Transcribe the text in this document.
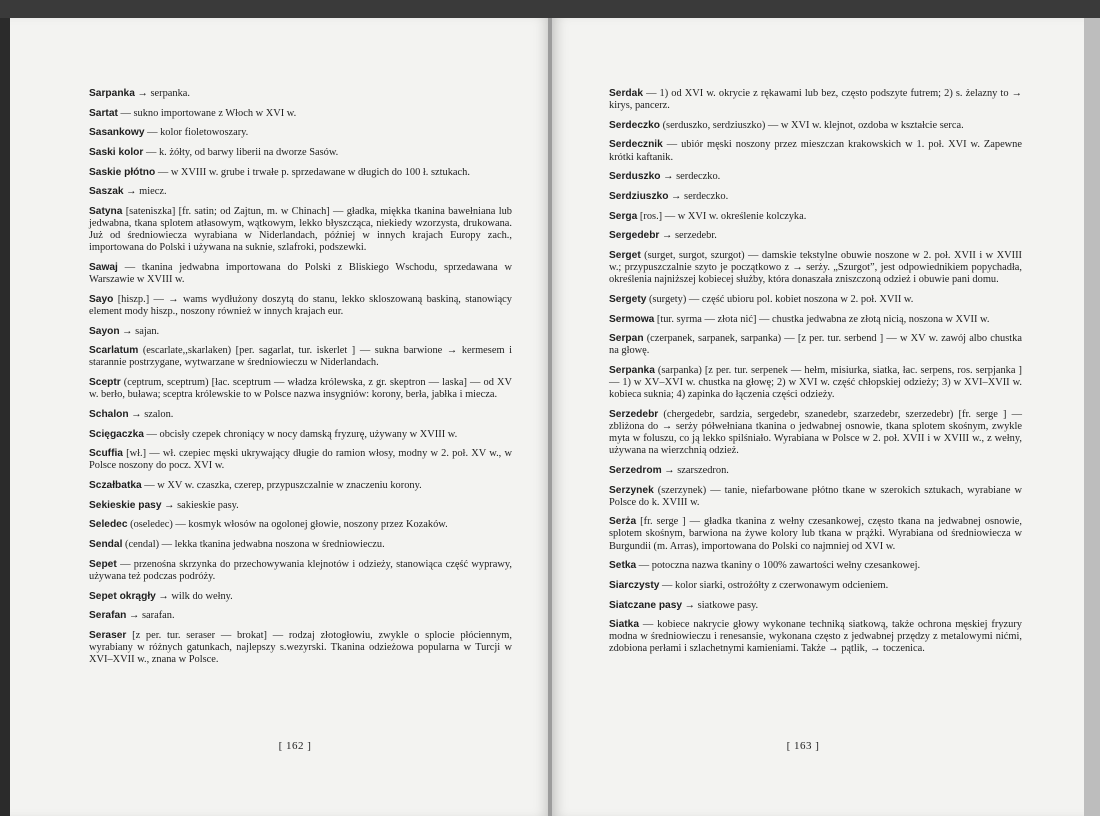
Sarpanka → serpanka.

Sartat — sukno importowane z Włoch w XVI w.

Sasankowy — kolor fioletowoszary.

Saski kolor — k. żółty, od barwy liberii na dworze Sasów.

Saskie płótno — w XVIII w. grube i trwałe p. sprzedawane w długich do 100 ł. sztukach.

Saszak → miecz.

Satyna [sateniszka] [fr. satin; od Zajtun, m. w Chinach] — gładka, miękka tkanina bawełniana lub jedwabna, tkana splotem atłasowym, wątkowym, lekko błyszcząca, niekiedy wzorzysta, drukowana. Już od średniowiecza wyrabiana w Niderlandach, później w innych krajach Europy zach., importowana do Polski i używana na suknie, szlafroki, podszewki.

Sawaj — tkanina jedwabna importowana do Polski z Bliskiego Wschodu, sprzedawana w Warszawie w XVIII w.

Sayo [hiszp.] — → wams wydłużony doszytą do stanu, lekko skloszowaną baskiną, stanowiący element mody hiszp., noszony również w innych krajach eur.

Sayon → sajan.

Scarlatum (escarlate,,skarlaken) [per. sagarlat, tur. iskerlet ] — sukna barwione → kermesem i starannie postrzygane, wytwarzane w średniowieczu w Niderlandach.

Sceptr (ceptrum, sceptrum) [łac. sceptrum — władza królewska, z gr. skeptron — laska] — od XV w. berło, buława; sceptra królewskie to w Polsce nazwa insygniów: korony, berła, jabłka i miecza.

Schalon → szalon.

Scięgaczka — obcisły czepek chroniący w nocy damską fryzurę, używany w XVIII w.

Scuffia [wł.] — wł. czepiec męski ukrywający długie do ramion włosy, modny w 2. poł. XV w., w Polsce noszony do pocz. XVI w.

Sczałbatka — w XV w. czaszka, czerep, przypuszczalnie w znaczeniu korony.

Sekieskie pasy → sakieskie pasy.

Seledec (oseledec) — kosmyk włosów na ogolonej głowie, noszony przez Kozaków.

Sendal (cendal) — lekka tkanina jedwabna noszona w średniowieczu.

Sepet — przenośna skrzynka do przechowywania klejnotów i odzieży, stanowiąca część wyprawy, używana też podczas podróży.

Sepet okrągły → wilk do wełny.

Serafan → sarafan.

Seraser [z per. tur. seraser — brokat] — rodzaj złotogłowiu, zwykle o splocie płóciennym, wyrabiany w różnych gatunkach, najlepszy s.wezyrski. Tkanina odzieżowa popularna w Turcji w XVI–XVII w., znana w Polsce.

[ 162 ]

Serdak — 1) od XVI w. okrycie z rękawami lub bez, często podszyte futrem; 2) s. żelazny to → kirys, pancerz.

Serdeczko (serduszko, serdziuszko) — w XVI w. klejnot, ozdoba w kształcie serca.

Serdecznik — ubiór męski noszony przez mieszczan krakowskich w 1. poł. XVI w. Zapewne krótki kaftanik.

Serduszko → serdeczko.

Serdziuszko → serdeczko.

Serga [ros.] — w XVI w. określenie kolczyka.

Sergedebr → serzedebr.

Serget (surget, surgot, szurgot) — damskie tekstylne obuwie noszone w 2. poł. XVII i w XVIII w.; przypuszczalnie szyto je początkowo z → serży. „Szurgot”, jest odpowiednikiem popychadła, określenia najniższej kobiecej służby, która donaszała zniszczoną odzież i obuwie pani domu.

Sergety (surgety) — część ubioru pol. kobiet noszona w 2. poł. XVII w.

Sermowa [tur. syrma — złota nić] — chustka jedwabna ze złotą nicią, noszona w XVII w.

Serpan (czerpanek, sarpanek, sarpanka) — [z per. tur. serbend ] — w XV w. zawój albo chustka na głowę.

Serpanka (sarpanka) [z per. tur. serpenek — hełm, misiurka, siatka, łac. serpens, ros. serpjanka ] — 1) w XV–XVI w. chustka na głowę; 2) w XVI w. część chłopskiej odzieży; 3) w XVI–XVII w. kobieca suknia; 4) zapinka do łączenia części odzieży.

Serzedebr (chergedebr, sardzia, sergedebr, szanedebr, szarzedebr, szerzedebr) [fr. serge ] — zbliżona do → serży półwełniana tkanina o jedwabnej osnowie, tkana splotem skośnym, zwykle myta w foluszu, co ją lekko spilśniało. Wyrabiana w Polsce w 2. poł. XVII i w XVIII w., z wełny, używana na wierzchnią odzież.

Serzedrom → szarszedron.

Serzynek (szerzynek) — tanie, niefarbowane płótno tkane w szerokich sztukach, wyrabiane w Polsce do k. XVIII w.

Serża [fr. serge ] — gładka tkanina z wełny czesankowej, często tkana na jedwabnej osnowie, splotem skośnym, barwiona na żywe kolory lub tkana w prążki. Wyrabiana od średniowiecza w Burgundii (m. Arras), importowana do Polski co najmniej od XVI w.

Setka — potoczna nazwa tkaniny o 100% zawartości wełny czesankowej.

Siarczysty — kolor siarki, ostrożółty z czerwonawym odcieniem.

Siatczane pasy → siatkowe pasy.

Siatka — kobiece nakrycie głowy wykonane techniką siatkową, także ochrona męskiej fryzury modna w średniowieczu i renesansie, wykonana często z jedwabnej przędzy z metalowymi nićmi, zdobiona perłami i szlachetnymi kamieniami. Także → pątlik, → toczenica.

[ 163 ]
